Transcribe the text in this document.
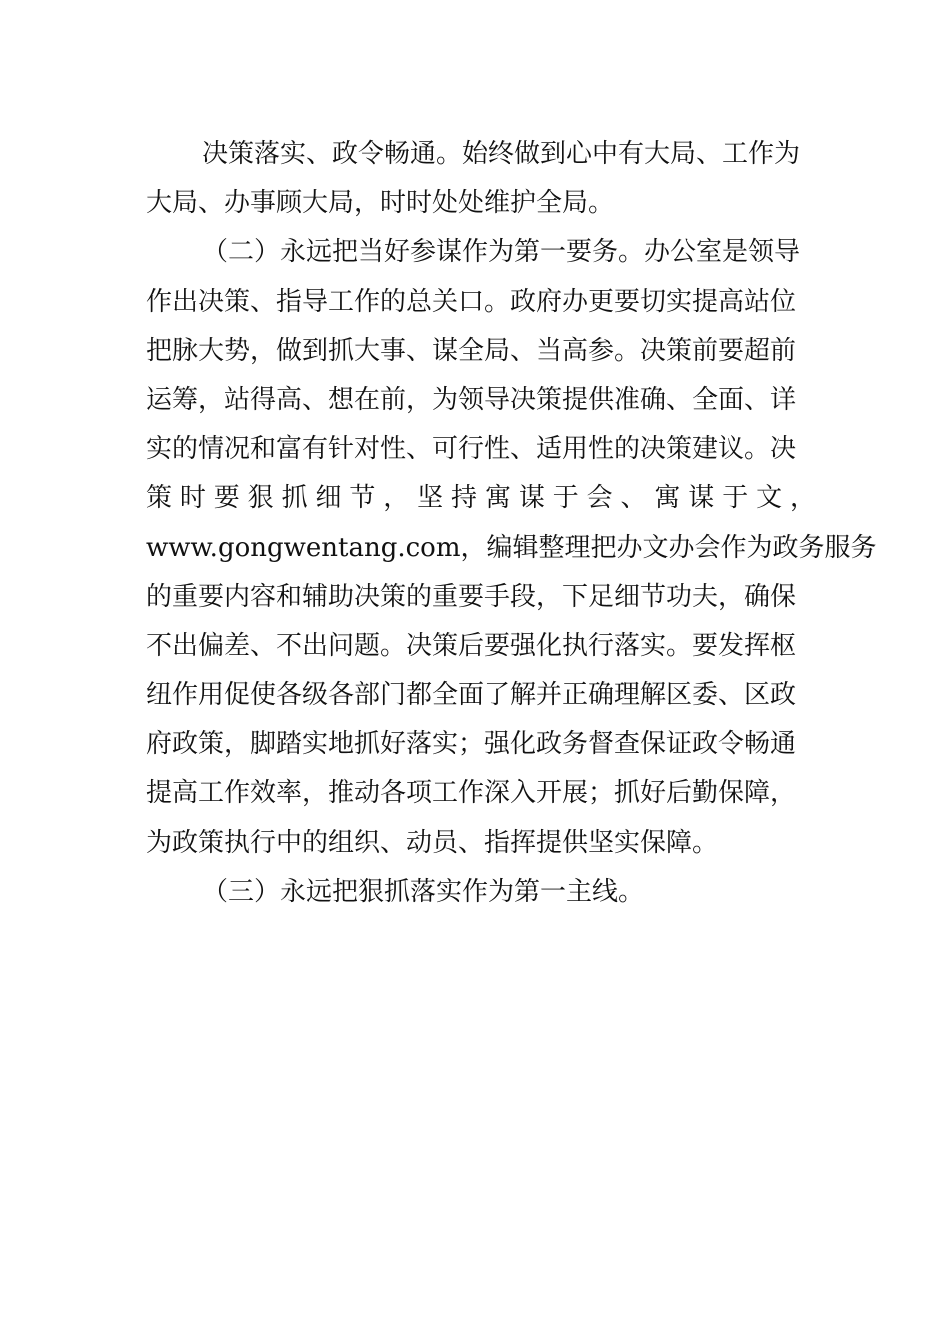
决策落实、政令畅通。始终做到心中有大局、工作为
大局、办事顾大局，时时处处维护全局。
（二）永远把当好参谋作为第一要务。办公室是领导
作出决策、指导工作的总关口。政府办更要切实提高站位
把脉大势，做到抓大事、谋全局、当高参。决策前要超前
运筹，站得高、想在前，为领导决策提供准确、全面、详
实的情况和富有针对性、可行性、适用性的决策建议。决
策时要狠抓细节，坚持寓谋于会、寓谋于文，
www.gongwentang.com，编辑整理把办文办会作为政务服务
的重要内容和辅助决策的重要手段，下足细节功夫，确保
不出偏差、不出问题。决策后要强化执行落实。要发挥枢
纽作用促使各级各部门都全面了解并正确理解区委、区政
府政策，脚踏实地抓好落实；强化政务督查保证政令畅通
提高工作效率，推动各项工作深入开展；抓好后勤保障，
为政策执行中的组织、动员、指挥提供坚实保障。
（三）永远把狠抓落实作为第一主线。
